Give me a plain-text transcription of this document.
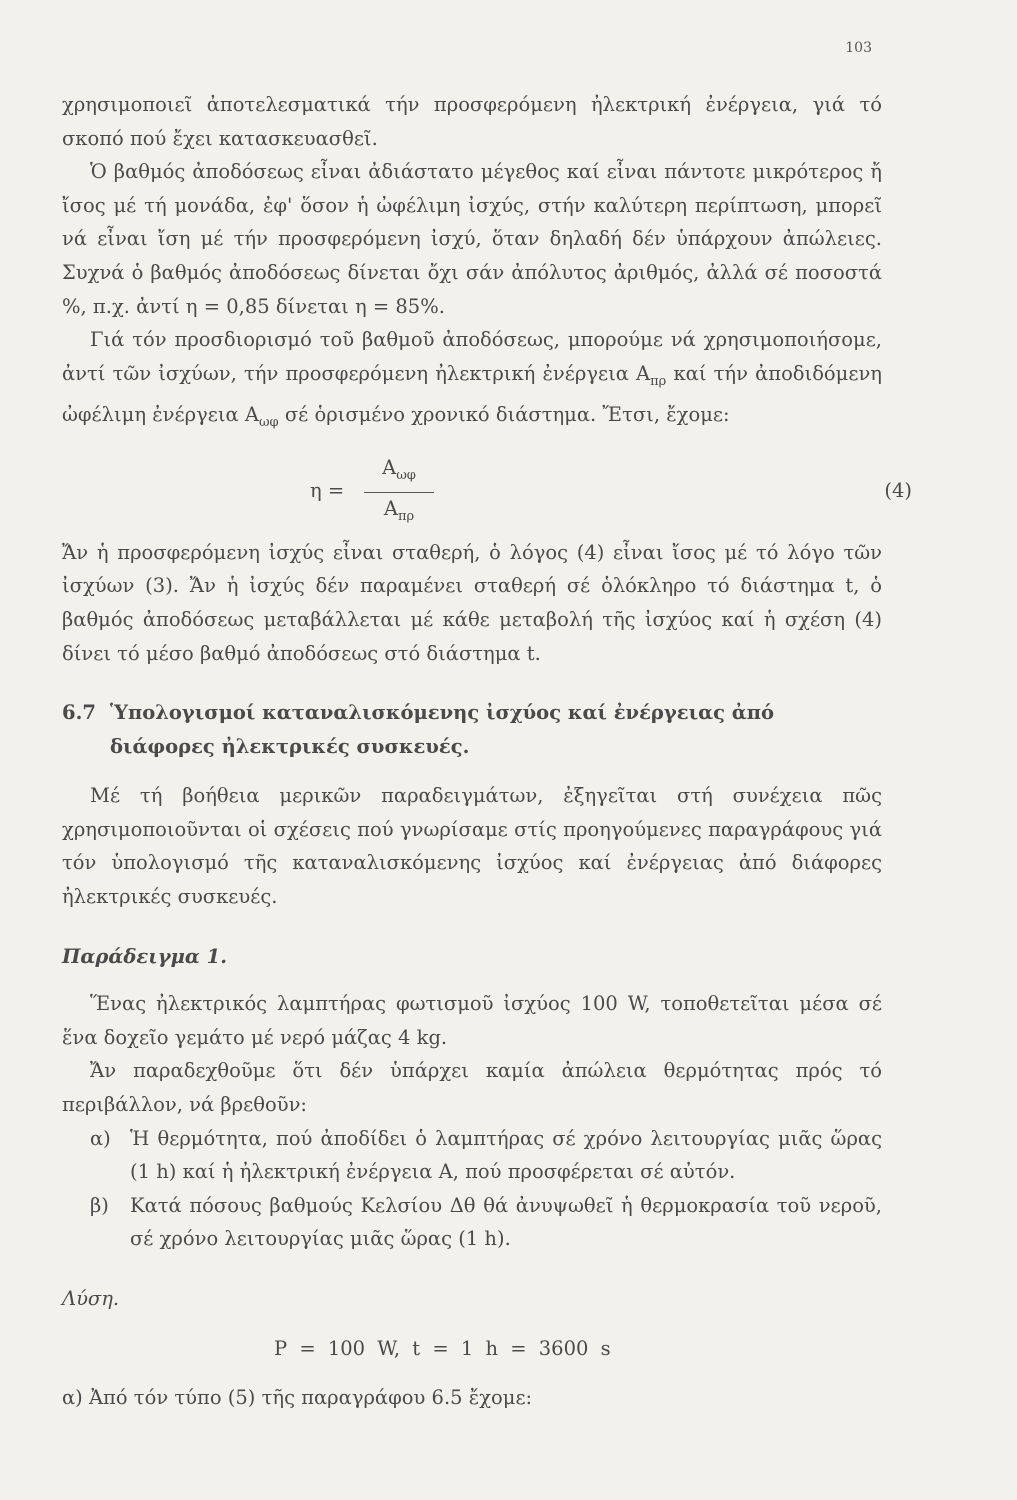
103

χρησιμοποιεῖ ἀποτελεσματικά τήν προσφερόμενη ἠλεκτρική ἐνέργεια, γιά τό σκοπό πού ἔχει κατασκευασθεῖ.

Ὁ βαθμός ἀποδόσεως εἶναι ἀδιάστατο μέγεθος καί εἶναι πάντοτε μικρότερος ἤ ἴσος μέ τή μονάδα, ἐφ' ὅσον ἡ ὠφέλιμη ἰσχύς, στήν καλύτερη περίπτωση, μπορεῖ νά εἶναι ἴση μέ τήν προσφερόμενη ἰσχύ, ὅταν δηλαδή δέν ὑπάρχουν ἀπώλειες. Συχνά ὁ βαθμός ἀποδόσεως δίνεται ὄχι σάν ἀπόλυτος ἀριθμός, ἀλλά σέ ποσοστά %, π.χ. ἀντί η = 0,85 δίνεται η = 85%.

Γιά τόν προσδιορισμό τοῦ βαθμοῦ ἀποδόσεως, μπορούμε νά χρησιμοποιήσομε, ἀντί τῶν ἰσχύων, τήν προσφερόμενη ἠλεκτρική ἐνέργεια $A_{\pi\rho}$ καί τήν ἀποδιδόμενη ὠφέλιμη ἐνέργεια $A_{\omega\varphi}$ σέ ὁρισμένο χρονικό διάστημα. Ἔτσι, ἔχομε:

η =
$A_{\omega\varphi}$
$A_{\pi\rho}$
(4)

Ἄν ἡ προσφερόμενη ἰσχύς εἶναι σταθερή, ὁ λόγος (4) εἶναι ἴσος μέ τό λόγο τῶν ἰσχύων (3). Ἄν ἡ ἰσχύς δέν παραμένει σταθερή σέ ὁλόκληρο τό διάστημα t, ὁ βαθμός ἀποδόσεως μεταβάλλεται μέ κάθε μεταβολή τῆς ἰσχύος καί ἡ σχέση (4) δίνει τό μέσο βαθμό ἀποδόσεως στό διάστημα t.

6.7 Ὑπολογισμοί καταναλισκόμενης ἰσχύος καί ἐνέργειας ἀπό διάφορες ἠλεκτρικές συσκευές.

Μέ τή βοήθεια μερικῶν παραδειγμάτων, ἐξηγεῖται στή συνέχεια πῶς χρησιμοποιοῦνται οἱ σχέσεις πού γνωρίσαμε στίς προηγούμενες παραγράφους γιά τόν ὑπολογισμό τῆς καταναλισκόμενης ἰσχύος καί ἐνέργειας ἀπό διάφορες ἠλεκτρικές συσκευές.

Παράδειγμα 1.

Ἕνας ἠλεκτρικός λαμπτήρας φωτισμοῦ ἰσχύος 100 W, τοποθετεῖται μέσα σέ ἕνα δοχεῖο γεμάτο μέ νερό μάζας 4 kg.

Ἄν παραδεχθοῦμε ὅτι δέν ὑπάρχει καμία ἀπώλεια θερμότητας πρός τό περιβάλλον, νά βρεθοῦν:

α) Ἡ θερμότητα, πού ἀποδίδει ὁ λαμπτήρας σέ χρόνο λειτουργίας μιᾶς ὥρας (1 h) καί ἡ ἠλεκτρική ἐνέργεια A, πού προσφέρεται σέ αὐτόν.
β)	Κατά πόσους βαθμούς Κελσίου Δθ θά ἀνυψωθεῖ ἡ θερμοκρασία τοῦ νεροῦ, σέ χρόνο λειτουργίας μιᾶς ὥρας (1 h).
Λύση.
P = 100 W, t = 1 h = 3600 s

α) Ἀπό τόν τύπο (5) τῆς παραγράφου 6.5 ἔχομε:
